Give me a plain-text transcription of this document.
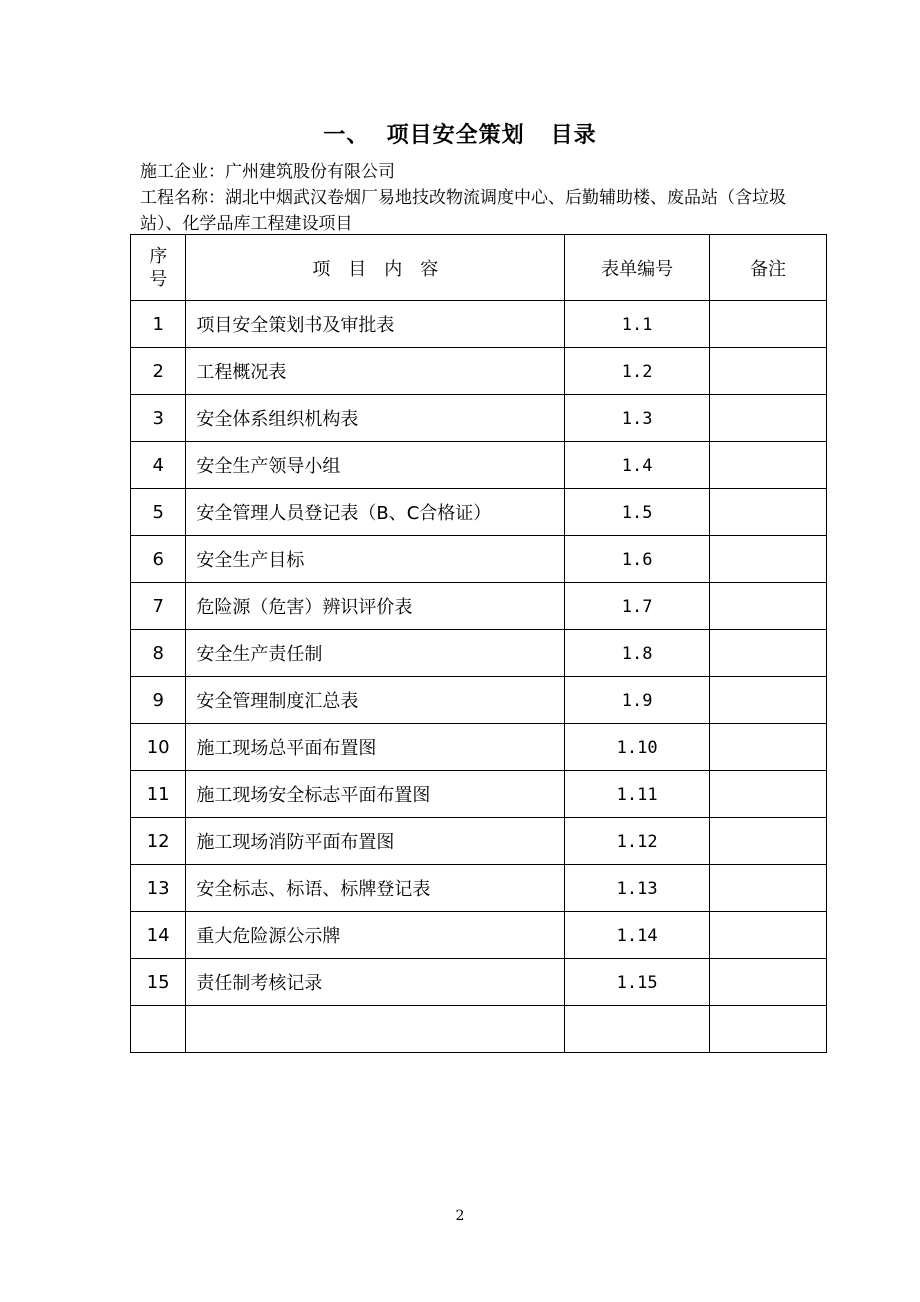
一、 项目安全策划 目录
施工企业：广州建筑股份有限公司
工程名称：湖北中烟武汉卷烟厂易地技改物流调度中心、后勤辅助楼、废品站（含垃圾站）、化学品库工程建设项目
序
号	项　目　内　容	表单编号	备注
1	项目安全策划书及审批表	1.1	
2	工程概况表	1.2	
3	安全体系组织机构表	1.3	
4	安全生产领导小组	1.4	
5	安全管理人员登记表（B、C合格证）	1.5	
6	安全生产目标	1.6	
7	危险源（危害）辨识评价表	1.7	
8	安全生产责任制	1.8	
9	安全管理制度汇总表	1.9	
10	施工现场总平面布置图	1.10	
11	施工现场安全标志平面布置图	1.11	
12	施工现场消防平面布置图	1.12	
13	安全标志、标语、标牌登记表	1.13	
14	重大危险源公示牌	1.14	
15	责任制考核记录	1.15	

2
